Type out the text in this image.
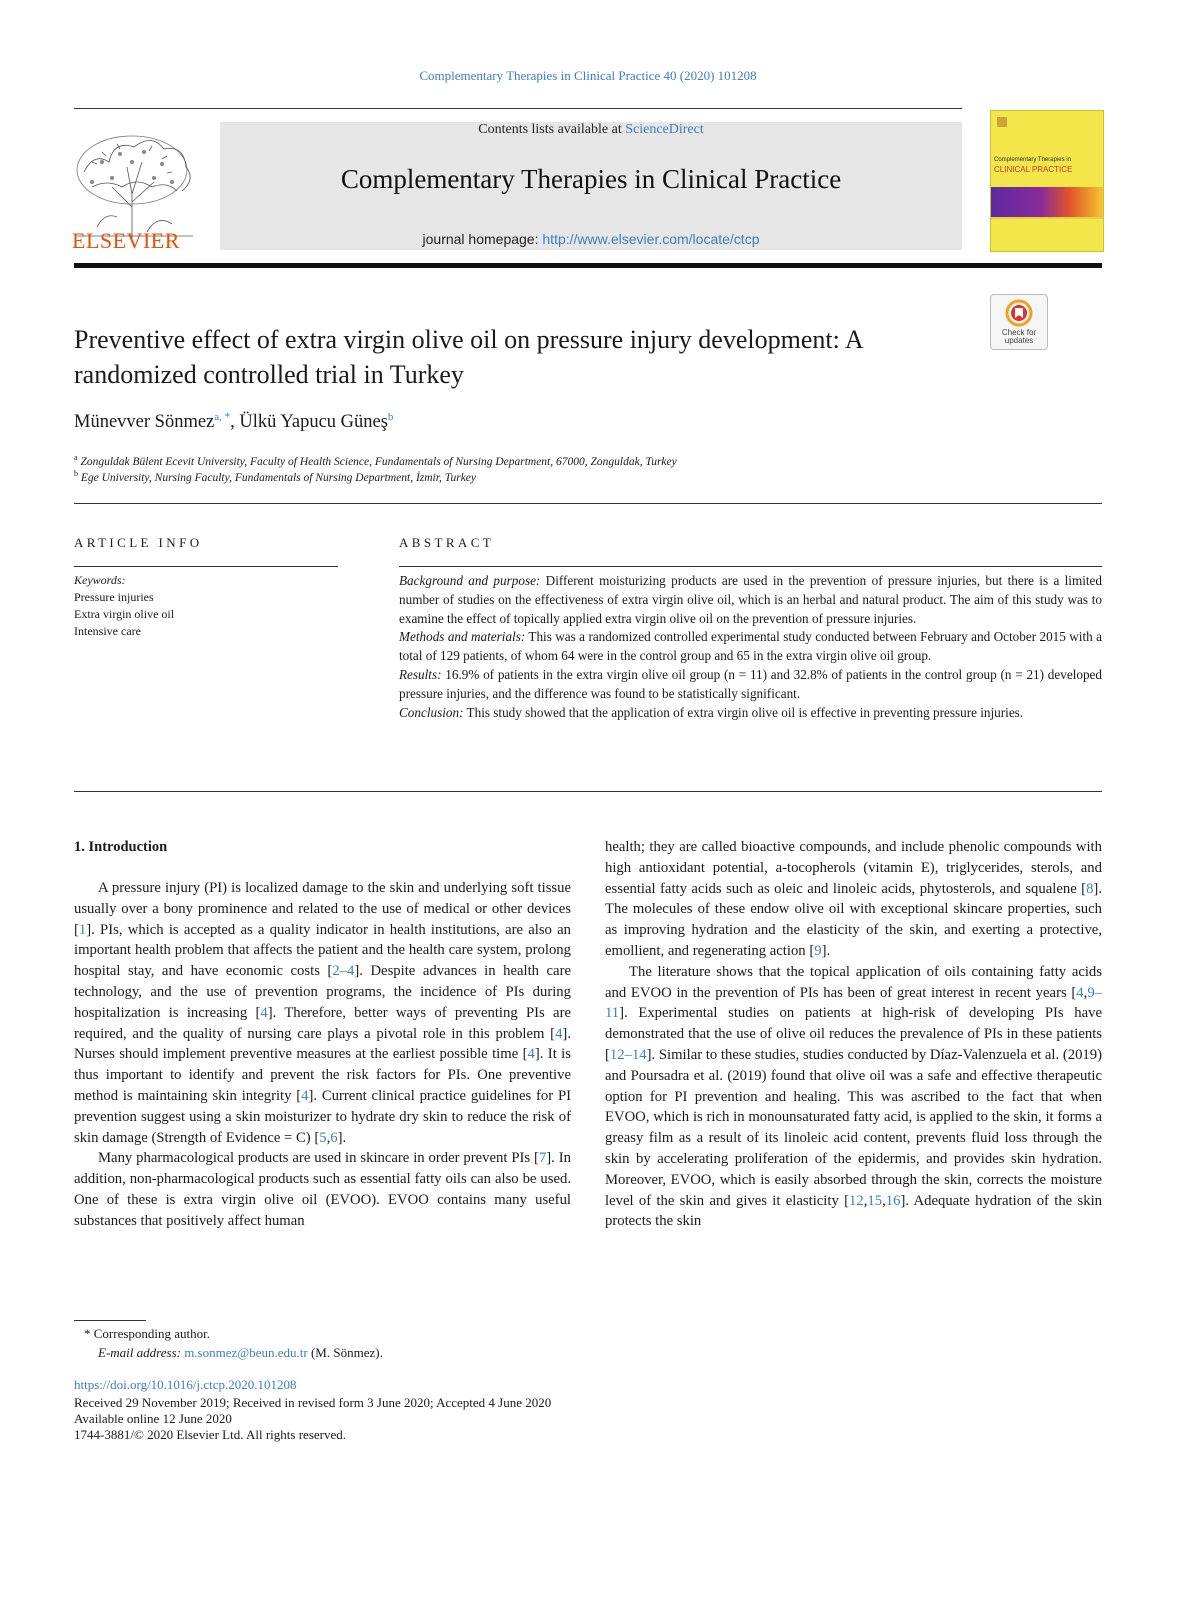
Complementary Therapies in Clinical Practice 40 (2020) 101208
ELSEVIER
Contents lists available at ScienceDirect
Complementary Therapies in Clinical Practice
journal homepage: http://www.elsevier.com/locate/ctcp
Complementary Therapies in
CLINICAL PRACTICE
Check for
updates
Preventive effect of extra virgin olive oil on pressure injury development: A
randomized controlled trial in Turkey
Münevver Sönmez$^{a, *}$, Ülkü Yapucu Güneş$^b$
$^a$ Zonguldak Bülent Ecevit University, Faculty of Health Science, Fundamentals of Nursing Department, 67000, Zonguldak, Turkey
$^b$ Ege University, Nursing Faculty, Fundamentals of Nursing Department, İzmir, Turkey
ARTICLE INFO	ABSTRACT
Keywords:
Pressure injuries
Extra virgin olive oil
Intensive care

Background and purpose: Different moisturizing products are used in the prevention of pressure injuries, but there is a limited number of studies on the effectiveness of extra virgin olive oil, which is an herbal and natural product. The aim of this study was to examine the effect of topically applied extra virgin olive oil on the prevention of pressure injuries.

Methods and materials: This was a randomized controlled experimental study conducted between February and October 2015 with a total of 129 patients, of whom 64 were in the control group and 65 in the extra virgin olive oil group.

Results: 16.9% of patients in the extra virgin olive oil group (n = 11) and 32.8% of patients in the control group (n = 21) developed pressure injuries, and the difference was found to be statistically significant.

Conclusion: This study showed that the application of extra virgin olive oil is effective in preventing pressure injuries.

1. Introduction

A pressure injury (PI) is localized damage to the skin and underlying soft tissue usually over a bony prominence and related to the use of medical or other devices [1]. PIs, which is accepted as a quality indicator in health institutions, are also an important health problem that affects the patient and the health care system, prolong hospital stay, and have economic costs [2–4]. Despite advances in health care technology, and the use of prevention programs, the incidence of PIs during hospitalization is increasing [4]. Therefore, better ways of preventing PIs are required, and the quality of nursing care plays a pivotal role in this problem [4]. Nurses should implement preventive measures at the earliest possible time [4]. It is thus important to identify and prevent the risk factors for PIs. One preventive method is maintaining skin integrity [4]. Current clinical practice guidelines for PI prevention suggest using a skin moisturizer to hydrate dry skin to reduce the risk of skin damage (Strength of Evidence = C) [5,6].

Many pharmacological products are used in skincare in order prevent PIs [7]. In addition, non-pharmacological products such as essential fatty oils can also be used. One of these is extra virgin olive oil (EVOO). EVOO contains many useful substances that positively affect human

health; they are called bioactive compounds, and include phenolic compounds with high antioxidant potential, a-tocopherols (vitamin E), triglycerides, sterols, and essential fatty acids such as oleic and linoleic acids, phytosterols, and squalene [8]. The molecules of these endow olive oil with exceptional skincare properties, such as improving hydration and the elasticity of the skin, and exerting a protective, emollient, and regenerating action [9].

The literature shows that the topical application of oils containing fatty acids and EVOO in the prevention of PIs has been of great interest in recent years [4,9–11]. Experimental studies on patients at high-risk of developing PIs have demonstrated that the use of olive oil reduces the prevalence of PIs in these patients [12–14]. Similar to these studies, studies conducted by Díaz-Valenzuela et al. (2019) and Poursadra et al. (2019) found that olive oil was a safe and effective therapeutic option for PI prevention and healing. This was ascribed to the fact that when EVOO, which is rich in monounsaturated fatty acid, is applied to the skin, it forms a greasy film as a result of its linoleic acid content, prevents fluid loss through the skin by accelerating proliferation of the epidermis, and provides skin hydration. Moreover, EVOO, which is easily absorbed through the skin, corrects the moisture level of the skin and gives it elasticity [12,15,16]. Adequate hydration of the skin protects the skin

* Corresponding author.
E-mail address: m.sonmez@beun.edu.tr (M. Sönmez).
https://doi.org/10.1016/j.ctcp.2020.101208
Received 29 November 2019; Received in revised form 3 June 2020; Accepted 4 June 2020
Available online 12 June 2020
1744-3881/© 2020 Elsevier Ltd. All rights reserved.
